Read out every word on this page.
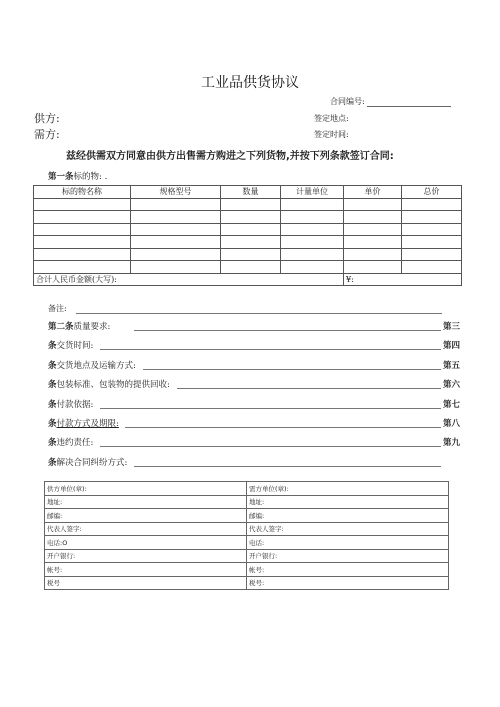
工业品供货协议
合同编号:
供方:	签定地点:
需方:	签定时间:
兹经供需双方同意由供方出售需方购进之下列货物,并按下列条款签订合同:
第一条标的物: .
标的物名称	规格型号	数量	计量单位	单价	总价

合计人民币金额(大写):				¥:	
备注:
第二条质量要求:	第三
条交货时间:	第四
条交货地点及运输方式:	第五
条包装标准、包装物的提供回收:	第六
条付款依据:	第七
条付款方式及期限:	第八
条违约责任:	第九
条解决合同纠纷方式:
供方单位(章):	需方单位(章):
地址:	地址:
邮编:	邮编:
代表人签字:	代表人签字:
电话:O	电话:
开户银行:	开户银行:
帐号:	帐号:
税号	税号:
